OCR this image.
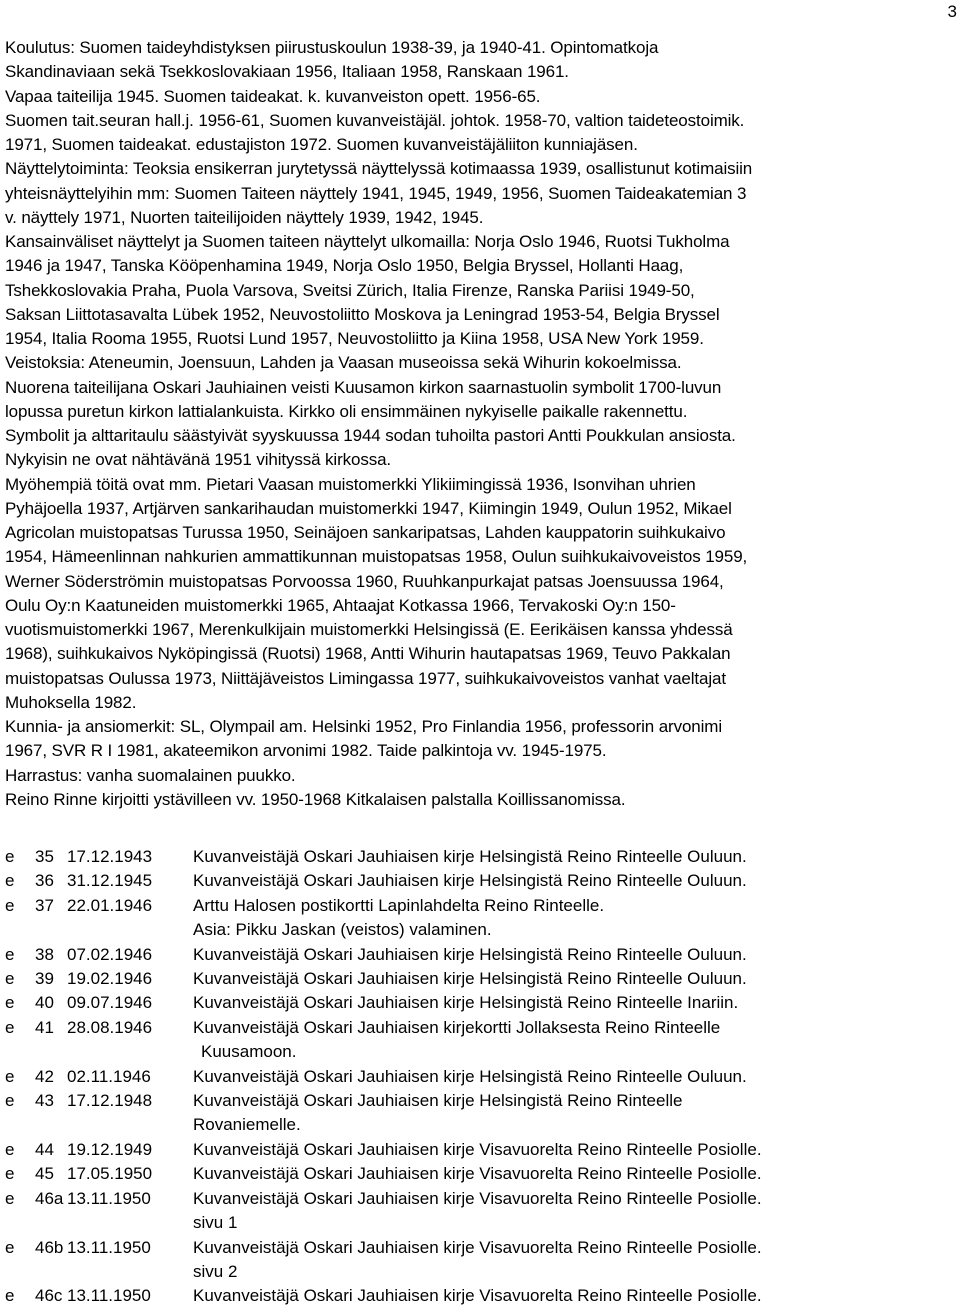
3

Koulutus: Suomen taideyhdistyksen piirustuskoulun 1938-39, ja 1940-41. Opintomatkoja
Skandinaviaan sekä Tsekkoslovakiaan 1956, Italiaan 1958, Ranskaan 1961.

Vapaa taiteilija 1945. Suomen taideakat. k. kuvanveiston opett. 1956-65.
Suomen tait.seuran hall.j. 1956-61, Suomen kuvanveistäjäl. johtok. 1958-70, valtion taideteostoimik.
1971, Suomen taideakat. edustajiston 1972. Suomen kuvanveistäjäliiton kunniajäsen.

Näyttelytoiminta: Teoksia ensikerran jurytetyssä näyttelyssä kotimaassa 1939, osallistunut kotimaisiin
yhteisnäyttelyihin mm: Suomen Taiteen näyttely 1941, 1945, 1949, 1956, Suomen Taideakatemian 3
v. näyttely 1971, Nuorten taiteilijoiden näyttely 1939, 1942, 1945.

Kansainväliset näyttelyt ja Suomen taiteen näyttelyt ulkomailla: Norja Oslo 1946, Ruotsi Tukholma
1946 ja 1947, Tanska Kööpenhamina 1949, Norja Oslo 1950, Belgia Bryssel, Hollanti Haag,
Tshekkoslovakia Praha, Puola Varsova, Sveitsi Zürich, Italia Firenze, Ranska Pariisi 1949-50,
Saksan Liittotasavalta Lübek 1952, Neuvostoliitto Moskova ja Leningrad 1953-54, Belgia Bryssel
1954, Italia Rooma 1955, Ruotsi Lund 1957, Neuvostoliitto ja Kiina 1958, USA New York 1959.

Veistoksia: Ateneumin, Joensuun, Lahden ja Vaasan museoissa sekä Wihurin kokoelmissa.

Nuorena taiteilijana Oskari Jauhiainen veisti Kuusamon kirkon saarnastuolin symbolit 1700-luvun
lopussa puretun kirkon lattialankuista. Kirkko oli ensimmäinen nykyiselle paikalle rakennettu.
Symbolit ja alttaritaulu säästyivät syyskuussa 1944 sodan tuhoilta pastori Antti Poukkulan ansiosta.
Nykyisin ne ovat nähtävänä 1951 vihityssä kirkossa.

Myöhempiä töitä ovat mm. Pietari Vaasan muistomerkki Ylikiimingissä 1936, Isonvihan uhrien
Pyhäjoella 1937, Artjärven sankarihaudan muistomerkki 1947, Kiimingin 1949, Oulun 1952, Mikael
Agricolan muistopatsas Turussa 1950, Seinäjoen sankaripatsas, Lahden kauppatorin suihkukaivo
1954, Hämeenlinnan nahkurien ammattikunnan muistopatsas 1958, Oulun suihkukaivoveistos 1959,
Werner Söderströmin muistopatsas Porvoossa 1960, Ruuhkanpurkajat patsas Joensuussa 1964,
Oulu Oy:n Kaatuneiden muistomerkki 1965, Ahtaajat Kotkassa 1966, Tervakoski Oy:n 150-
vuotismuistomerkki 1967, Merenkulkijain muistomerkki Helsingissä (E. Eerikäisen kanssa yhdessä
1968), suihkukaivos Nyköpingissä (Ruotsi) 1968, Antti Wihurin hautapatsas 1969, Teuvo Pakkalan
muistopatsas Oulussa 1973, Niittäjäveistos Limingassa 1977, suihkukaivoveistos vanhat vaeltajat
Muhoksella 1982.

Kunnia- ja ansiomerkit: SL, Olympail am. Helsinki 1952, Pro Finlandia 1956, professorin arvonimi
1967, SVR R I 1981, akateemikon arvonimi 1982. Taide palkintoja vv. 1945-1975.

Harrastus: vanha suomalainen puukko.

Reino Rinne kirjoitti ystävilleen vv. 1950-1968 Kitkalaisen palstalla Koillissanomissa.

e	35 17.12.1943	Kuvanveistäjä Oskari Jauhiaisen kirje Helsingistä Reino Rinteelle Ouluun.
e	36 31.12.1945	Kuvanveistäjä Oskari Jauhiaisen kirje Helsingistä Reino Rinteelle Ouluun.
e	37 22.01.1946	Arttu Halosen postikortti Lapinlahdelta Reino Rinteelle.
Asia: Pikku Jaskan (veistos) valaminen.
e	38 07.02.1946	Kuvanveistäjä Oskari Jauhiaisen kirje Helsingistä Reino Rinteelle Ouluun.
e	39 19.02.1946	Kuvanveistäjä Oskari Jauhiaisen kirje Helsingistä Reino Rinteelle Ouluun.
e	40 09.07.1946	Kuvanveistäjä Oskari Jauhiaisen kirje Helsingistä Reino Rinteelle Inariin.
e	41 28.08.1946	Kuvanveistäjä Oskari Jauhiaisen kirjekortti Jollaksesta Reino Rinteelle
Kuusamoon.
e	42 02.11.1946	Kuvanveistäjä Oskari Jauhiaisen kirje Helsingistä Reino Rinteelle Ouluun.
e	43 17.12.1948	Kuvanveistäjä Oskari Jauhiaisen kirje Helsingistä Reino Rinteelle
Rovaniemelle.
e	44 19.12.1949	Kuvanveistäjä Oskari Jauhiaisen kirje Visavuorelta Reino Rinteelle Posiolle.
e	45 17.05.1950	Kuvanveistäjä Oskari Jauhiaisen kirje Visavuorelta Reino Rinteelle Posiolle.
e	46a 13.11.1950	Kuvanveistäjä Oskari Jauhiaisen kirje Visavuorelta Reino Rinteelle Posiolle.
sivu 1
e	46b 13.11.1950	Kuvanveistäjä Oskari Jauhiaisen kirje Visavuorelta Reino Rinteelle Posiolle.
sivu 2
e	46c 13.11.1950	Kuvanveistäjä Oskari Jauhiaisen kirje Visavuorelta Reino Rinteelle Posiolle.
